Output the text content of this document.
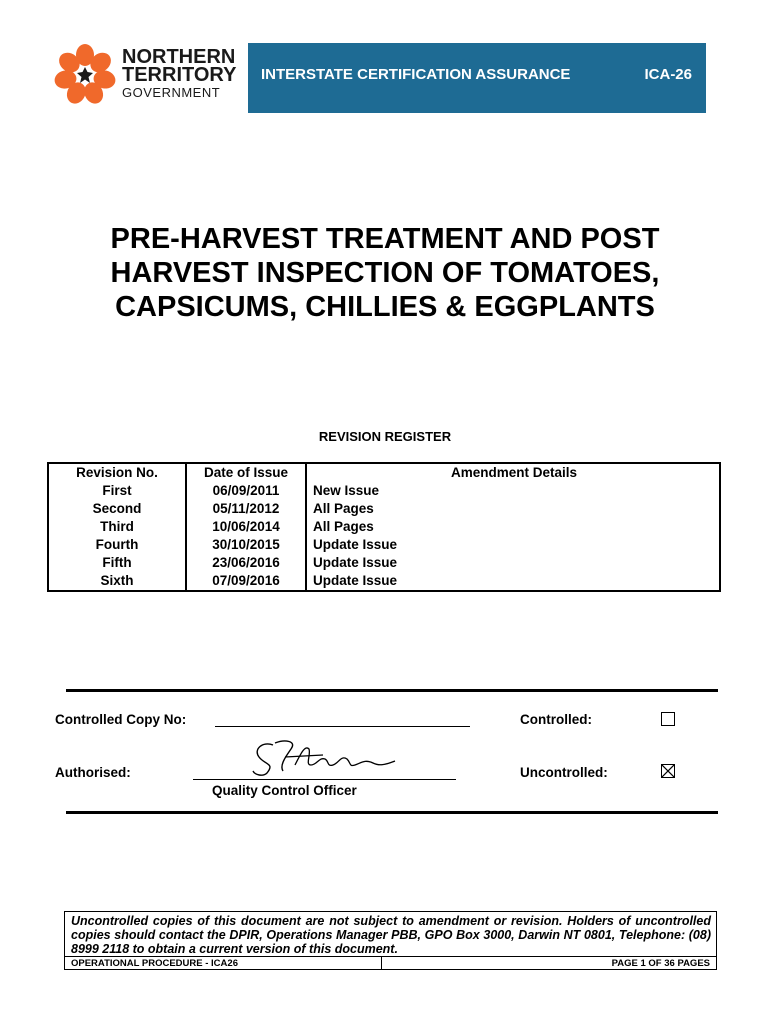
NORTHERN
TERRITORY
GOVERNMENT
INTERSTATE CERTIFICATION ASSURANCE	ICA-26
PRE-HARVEST TREATMENT AND POST
HARVEST INSPECTION OF TOMATOES,
CAPSICUMS, CHILLIES & EGGPLANTS
REVISION REGISTER
Revision No.	Date of Issue	Amendment Details
First	06/09/2011	New Issue
Second	05/11/2012	All Pages
Third	10/06/2014	All Pages
Fourth	30/10/2015	Update Issue
Fifth	23/06/2016	Update Issue
Sixth	07/09/2016	Update Issue
Controlled Copy No:	Controlled:
Authorised:
Quality Control Officer
Uncontrolled:
Uncontrolled copies of this document are not subject to amendment or revision. Holders of uncontrolled copies should contact the DPIR, Operations Manager PBB, GPO Box 3000, Darwin NT 0801, Telephone: (08) 8999 2118 to obtain a current version of this document.
OPERATIONAL PROCEDURE - ICA26	PAGE 1 OF 36 PAGES
